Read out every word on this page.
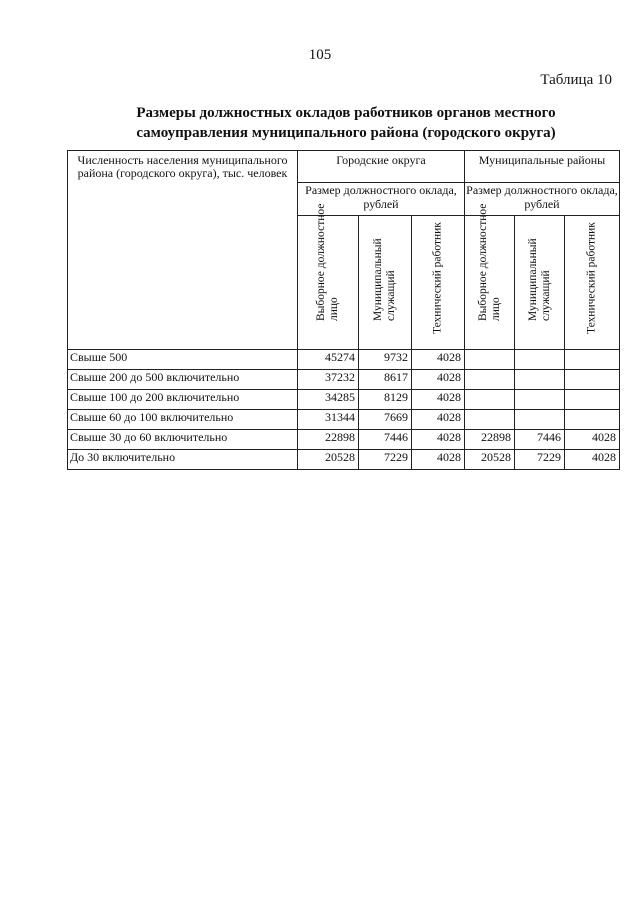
105
Таблица 10
Размеры должностных окладов работников органов местного
самоуправления муниципального района (городского округа)
Численность населения муниципального района (городского округа), тыс. человек	Городские округа			Муниципальные районы		
	Размер должностного оклада, рублей			Размер должностного оклада, рублей		

	Выборное должностное лицо	Муниципальный служащий	Технический работник	Выборное должностное лицо	Муниципальный служащий	Технический работник

Свыше 500	45274	9732	4028			
Свыше 200 до 500 включительно	37232	8617	4028			
Свыше 100 до 200 включительно	34285	8129	4028			
Свыше 60 до 100 включительно	31344	7669	4028			
Свыше 30 до 60 включительно	22898	7446	4028	22898	7446	4028
До 30 включительно	20528	7229	4028	20528	7229	4028
